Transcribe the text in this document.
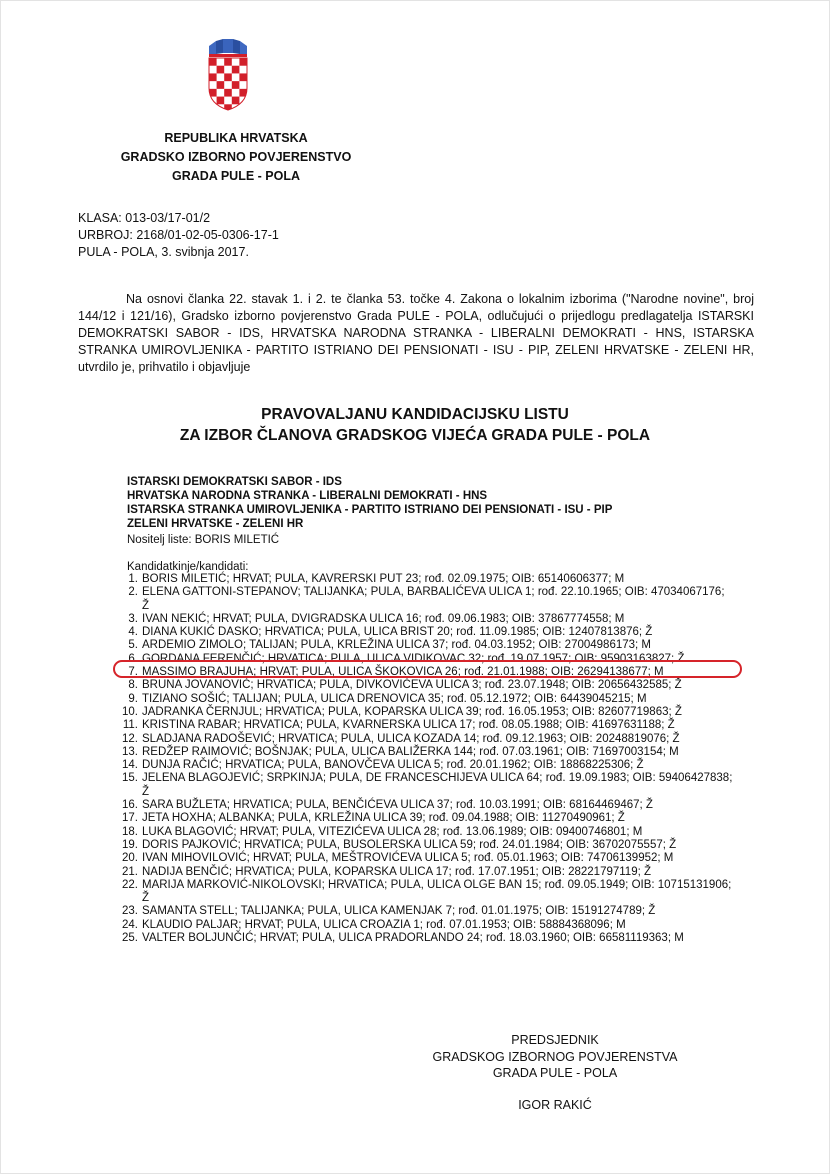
REPUBLIKA HRVATSKA
GRADSKO IZBORNO POVJERENSTVO
GRADA PULE - POLA
KLASA: 013-03/17-01/2
URBROJ: 2168/01-02-05-0306-17-1
PULA - POLA, 3. svibnja 2017.
Na osnovi članka 22. stavak 1. i 2. te članka 53. točke 4. Zakona o lokalnim izborima ("Narodne novine", broj 144/12 i 121/16), Gradsko izborno povjerenstvo Grada PULE - POLA, odlučujući o prijedlogu predlagatelja ISTARSKI DEMOKRATSKI SABOR - IDS, HRVATSKA NARODNA STRANKA - LIBERALNI DEMOKRATI - HNS, ISTARSKA STRANKA UMIROVLJENIKA - PARTITO ISTRIANO DEI PENSIONATI - ISU - PIP, ZELENI HRVATSKE - ZELENI HR, utvrdilo je, prihvatilo i objavljuje
PRAVOVALJANU KANDIDACIJSKU LISTU
ZA IZBOR ČLANOVA GRADSKOG VIJEĆA GRADA PULE - POLA
ISTARSKI DEMOKRATSKI SABOR - IDS
HRVATSKA NARODNA STRANKA - LIBERALNI DEMOKRATI - HNS
ISTARSKA STRANKA UMIROVLJENIKA - PARTITO ISTRIANO DEI PENSIONATI - ISU - PIP
ZELENI HRVATSKE - ZELENI HR
Nositelj liste: BORIS MILETIĆ
Kandidatkinje/kandidati:
1. BORIS MILETIĆ; HRVAT; PULA, KAVRERSKI PUT 23; rođ. 02.09.1975; OIB: 65140606377; M
2. ELENA GATTONI-STEPANOV; TALIJANKA; PULA, BARBALIĆEVA ULICA 1; rođ. 22.10.1965; OIB: 47034067176; Ž
3. IVAN NEKIĆ; HRVAT; PULA, DVIGRADSKA ULICA 16; rođ. 09.06.1983; OIB: 37867774558; M
4. DIANA KUKIĆ DASKO; HRVATICA; PULA, ULICA BRIST 20; rođ. 11.09.1985; OIB: 12407813876; Ž
5. ARDEMIO ZIMOLO; TALIJAN; PULA, KRLEŽINA ULICA 37; rođ. 04.03.1952; OIB: 27004986173; M
6. GORDANA FERENČIĆ; HRVATICA; PULA, ULICA VIDIKOVAC 32; rođ. 19.07.1957; OIB: 95903163827; Ž
7. MASSIMO BRAJUHA; HRVAT; PULA, ULICA ŠKOKOVICA 26; rođ. 21.01.1988; OIB: 26294138677; M
8. BRUNA JOVANOVIĆ; HRVATICA; PULA, DIVKOVIĆEVA ULICA 3; rođ. 23.07.1948; OIB: 20656432585; Ž
9. TIZIANO SOŠIĆ; TALIJAN; PULA, ULICA DRENOVICA 35; rođ. 05.12.1972; OIB: 64439045215; M
10. JADRANKA ČERNJUL; HRVATICA; PULA, KOPARSKA ULICA 39; rođ. 16.05.1953; OIB: 82607719863; Ž
11. KRISTINA RABAR; HRVATICA; PULA, KVARNERSKA ULICA 17; rođ. 08.05.1988; OIB: 41697631188; Ž
12. SLADJANA RADOŠEVIĆ; HRVATICA; PULA, ULICA KOZADA 14; rođ. 09.12.1963; OIB: 20248819076; Ž
13. REDŽEP RAIMOVIĆ; BOŠNJAK; PULA, ULICA BALIŽERKA 144; rođ. 07.03.1961; OIB: 71697003154; M
14. DUNJA RAČIĆ; HRVATICA; PULA, BANOVČEVA ULICA 5; rođ. 20.01.1962; OIB: 18868225306; Ž
15. JELENA BLAGOJEVIĆ; SRPKINJA; PULA, DE FRANCESCHIJEVA ULICA 64; rođ. 19.09.1983; OIB: 59406427838; Ž
16. SARA BUŽLETA; HRVATICA; PULA, BENČIĆEVA ULICA 37; rođ. 10.03.1991; OIB: 68164469467; Ž
17. JETA HOXHA; ALBANKA; PULA, KRLEŽINA ULICA 39; rođ. 09.04.1988; OIB: 11270490961; Ž
18. LUKA BLAGOVIĆ; HRVAT; PULA, VITEZIĆEVA ULICA 28; rođ. 13.06.1989; OIB: 09400746801; M
19. DORIS PAJKOVIĆ; HRVATICA; PULA, BUSOLERSKA ULICA 59; rođ. 24.01.1984; OIB: 36702075557; Ž
20. IVAN MIHOVILOVIĆ; HRVAT; PULA, MEŠTROVIĆEVA ULICA 5; rođ. 05.01.1963; OIB: 74706139952; M
21. NADIJA BENČIĆ; HRVATICA; PULA, KOPARSKA ULICA 17; rođ. 17.07.1951; OIB: 28221797119; Ž
22. MARIJA MARKOVIĆ-NIKOLOVSKI; HRVATICA; PULA, ULICA OLGE BAN 15; rođ. 09.05.1949; OIB: 10715131906; Ž
23. SAMANTA STELL; TALIJANKA; PULA, ULICA KAMENJAK 7; rođ. 01.01.1975; OIB: 15191274789; Ž
24. KLAUDIO PALJAR; HRVAT; PULA, ULICA CROAZIA 1; rođ. 07.01.1953; OIB: 58884368096; M
25. VALTER BOLJUNČIĆ; HRVAT; PULA, ULICA PRADORLANDO 24; rođ. 18.03.1960; OIB: 66581119363; M
PREDSJEDNIK
GRADSKOG IZBORNOG POVJERENSTVA
GRADA PULE - POLA
IGOR RAKIĆ
